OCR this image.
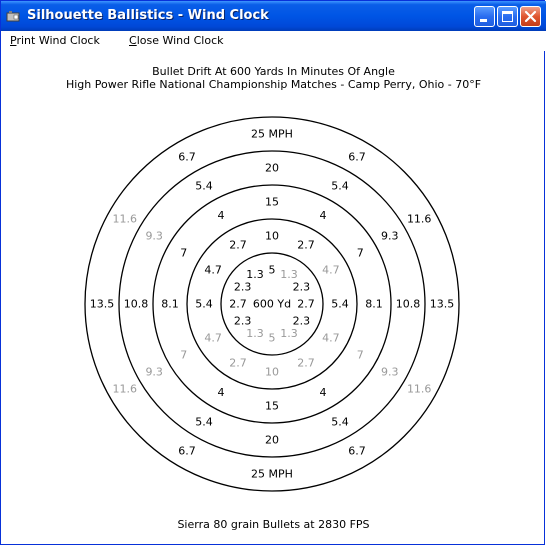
Silhouette Ballistics - Wind Clock
Print Wind Clock	Close Wind Clock
Bullet Drift At 600 Yards In Minutes Of Angle
High Power Rifle National Championship Matches - Camp Perry, Ohio - 70°F
5 1.3
2.3
2.7
2.3
1.3
5
1.3
2.3
2.7
2.3
1.3
10
2.7
4.7
5.4
4.7
2.7
10
2.7
4.7
5.4
4.7
2.7
15
4
7
8.1
7
4
15
4
7
8.1
7
4
20
5.4
9.3
10.8
9.3
5.4
20
5.4
9.3
10.8
9.3
5.4
25 MPH
6.7
11.6
13.5
11.6
6.7
25 MPH
6.7
11.6
13.5
11.6
6.7
600 Yd
Sierra 80 grain Bullets at 2830 FPS
